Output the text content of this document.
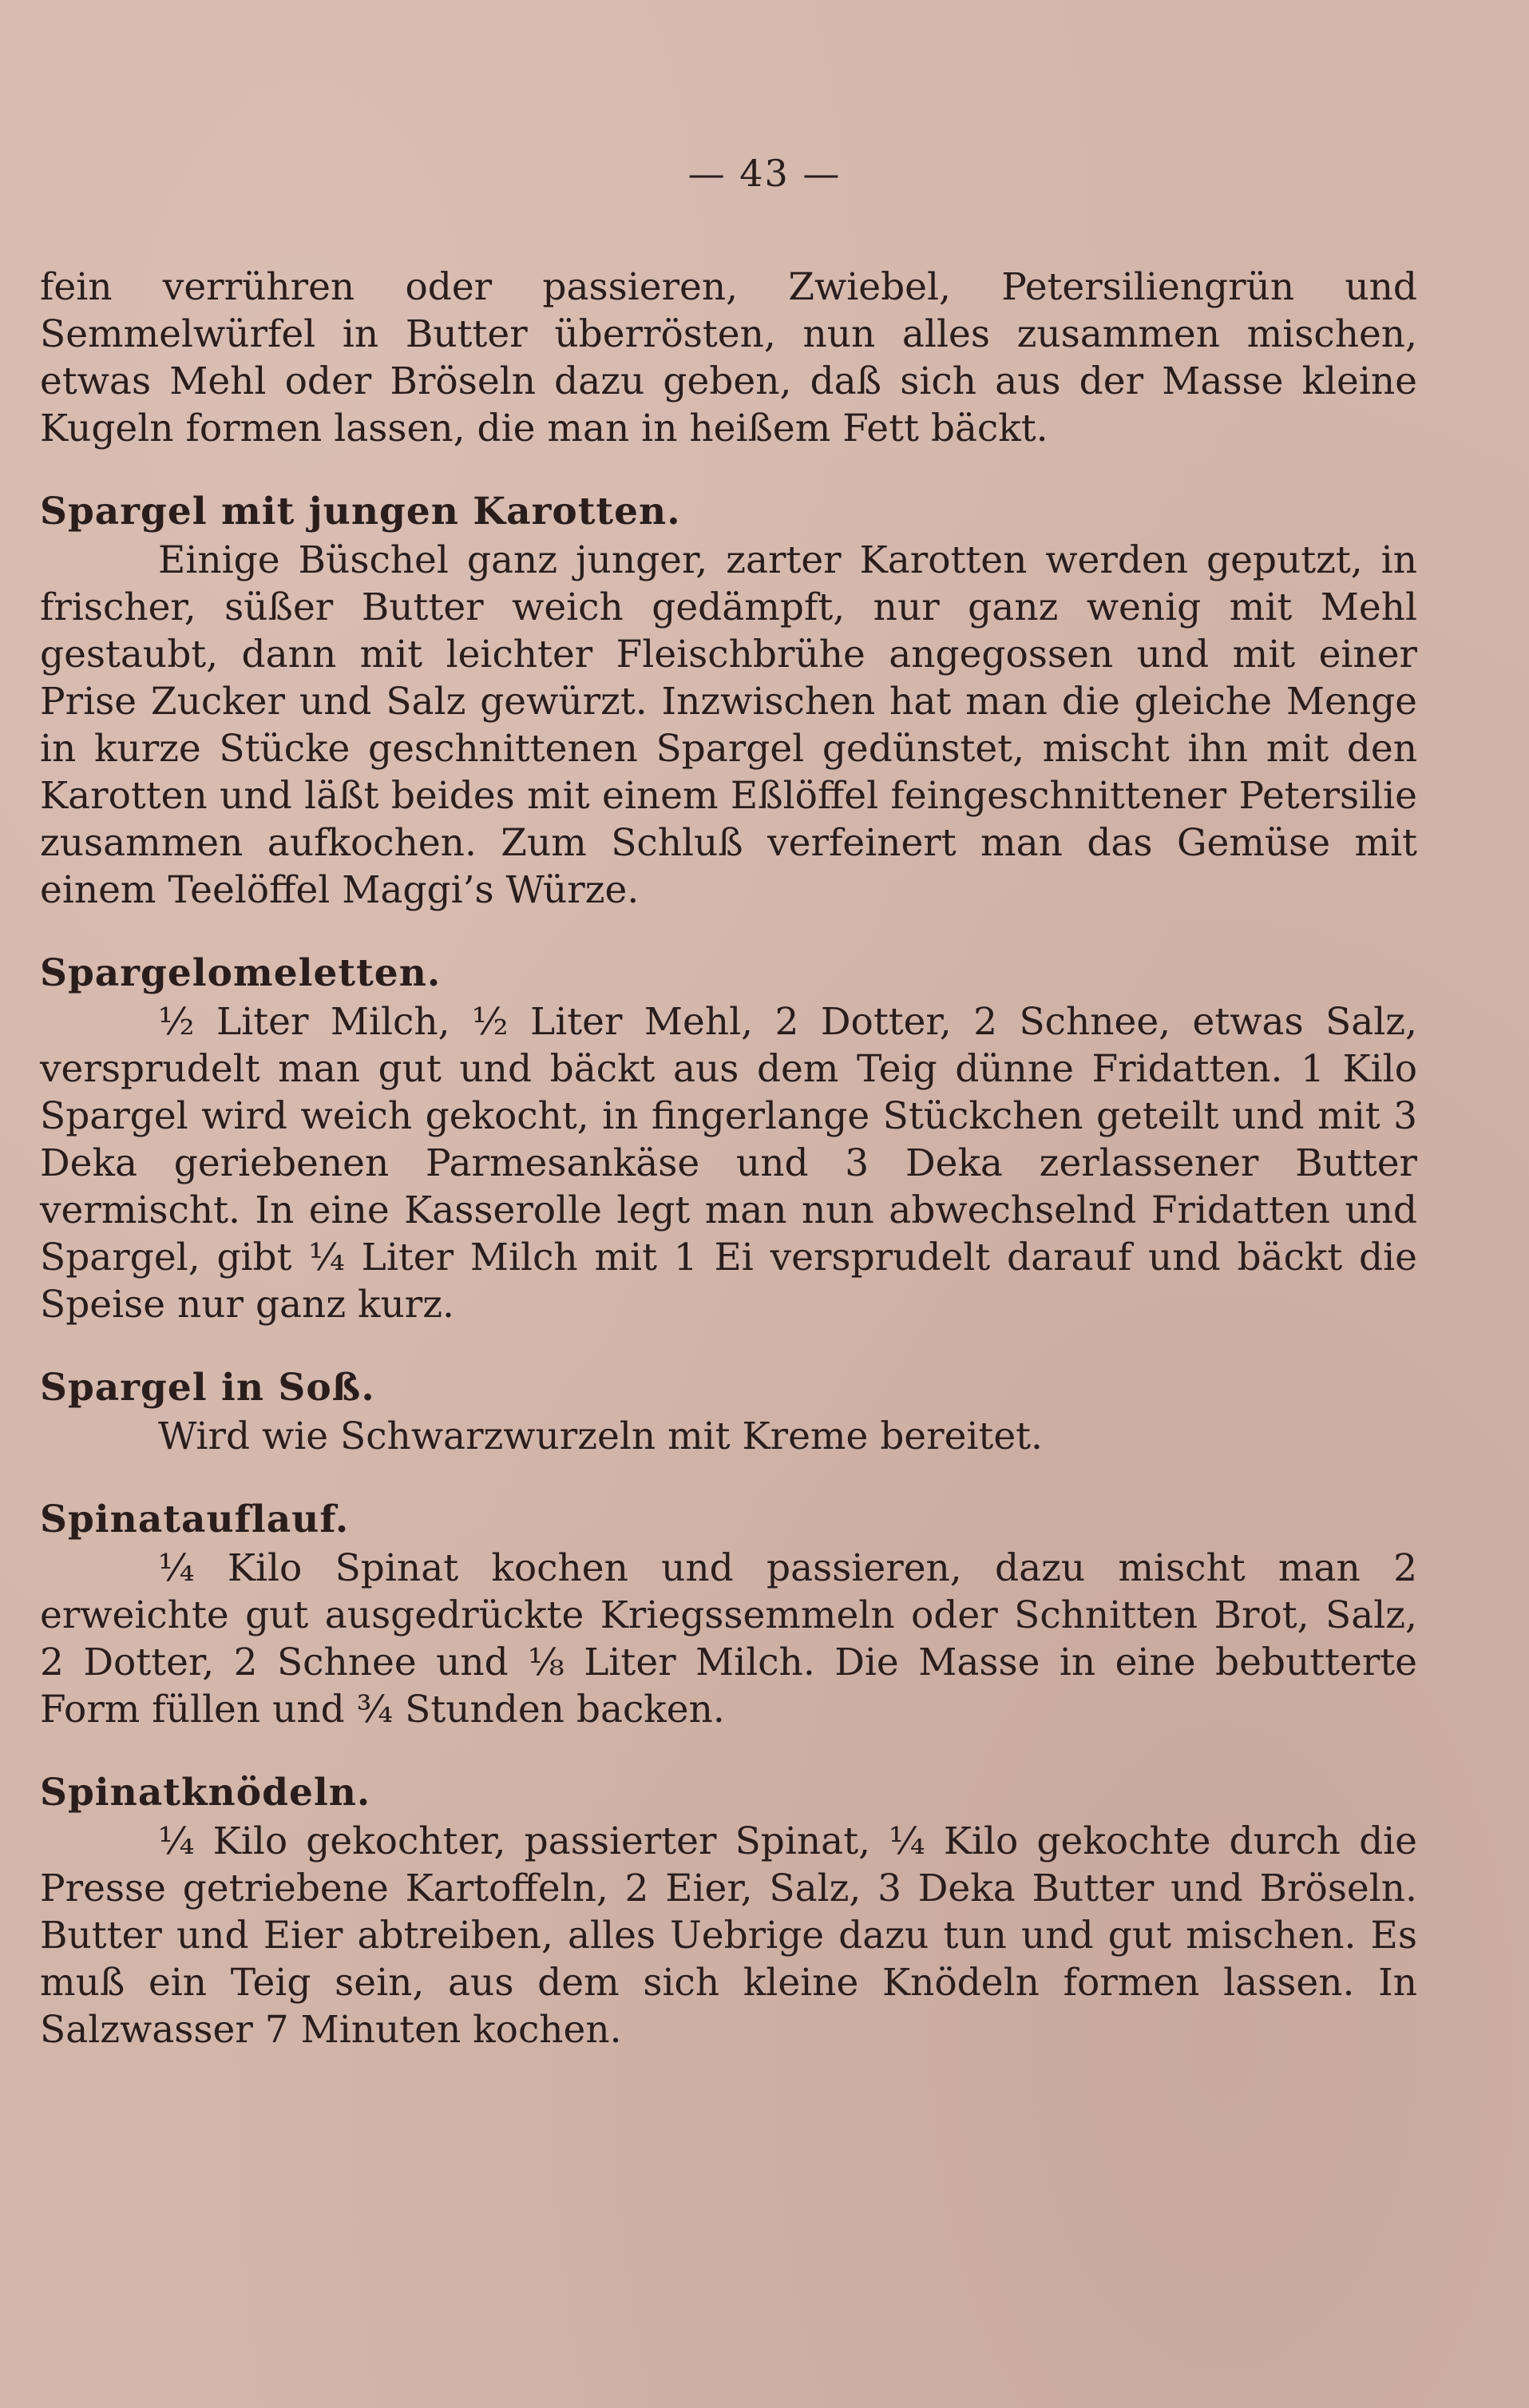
— 43 —

fein verrühren oder passieren, Zwiebel, Petersiliengrün und Semmelwürfel in Butter überrösten, nun alles zusammen mischen, etwas Mehl oder Bröseln dazu geben, daß sich aus der Masse kleine Kugeln formen lassen, die man in heißem Fett bäckt.

Spargel mit jungen Karotten.

Einige Büschel ganz junger, zarter Karotten werden geputzt, in frischer, süßer Butter weich gedämpft, nur ganz wenig mit Mehl gestaubt, dann mit leichter Fleischbrühe angegossen und mit einer Prise Zucker und Salz gewürzt. Inzwischen hat man die gleiche Menge in kurze Stücke geschnittenen Spargel gedünstet, mischt ihn mit den Karotten und läßt beides mit einem Eßlöffel feingeschnittener Petersilie zusammen aufkochen. Zum Schluß verfeinert man das Gemüse mit einem Teelöffel Maggi’s Würze.

Spargelomeletten.

½ Liter Milch, ½ Liter Mehl, 2 Dotter, 2 Schnee, etwas Salz, versprudelt man gut und bäckt aus dem Teig dünne Fridatten. 1 Kilo Spargel wird weich gekocht, in fingerlange Stückchen geteilt und mit 3 Deka geriebenen Parmesankäse und 3 Deka zerlassener Butter vermischt. In eine Kasserolle legt man nun abwechselnd Fridatten und Spargel, gibt ¼ Liter Milch mit 1 Ei versprudelt darauf und bäckt die Speise nur ganz kurz.

Spargel in Soß.

Wird wie Schwarzwurzeln mit Kreme bereitet.

Spinatauflauf.

¼ Kilo Spinat kochen und passieren, dazu mischt man 2 erweichte gut ausgedrückte Kriegssemmeln oder Schnitten Brot, Salz, 2 Dotter, 2 Schnee und ⅛ Liter Milch. Die Masse in eine bebutterte Form füllen und ¾ Stunden backen.

Spinatknödeln.

¼ Kilo gekochter, passierter Spinat, ¼ Kilo gekochte durch die Presse getriebene Kartoffeln, 2 Eier, Salz, 3 Deka Butter und Bröseln. Butter und Eier abtreiben, alles Uebrige dazu tun und gut mischen. Es muß ein Teig sein, aus dem sich kleine Knödeln formen lassen. In Salzwasser 7 Minuten kochen.
